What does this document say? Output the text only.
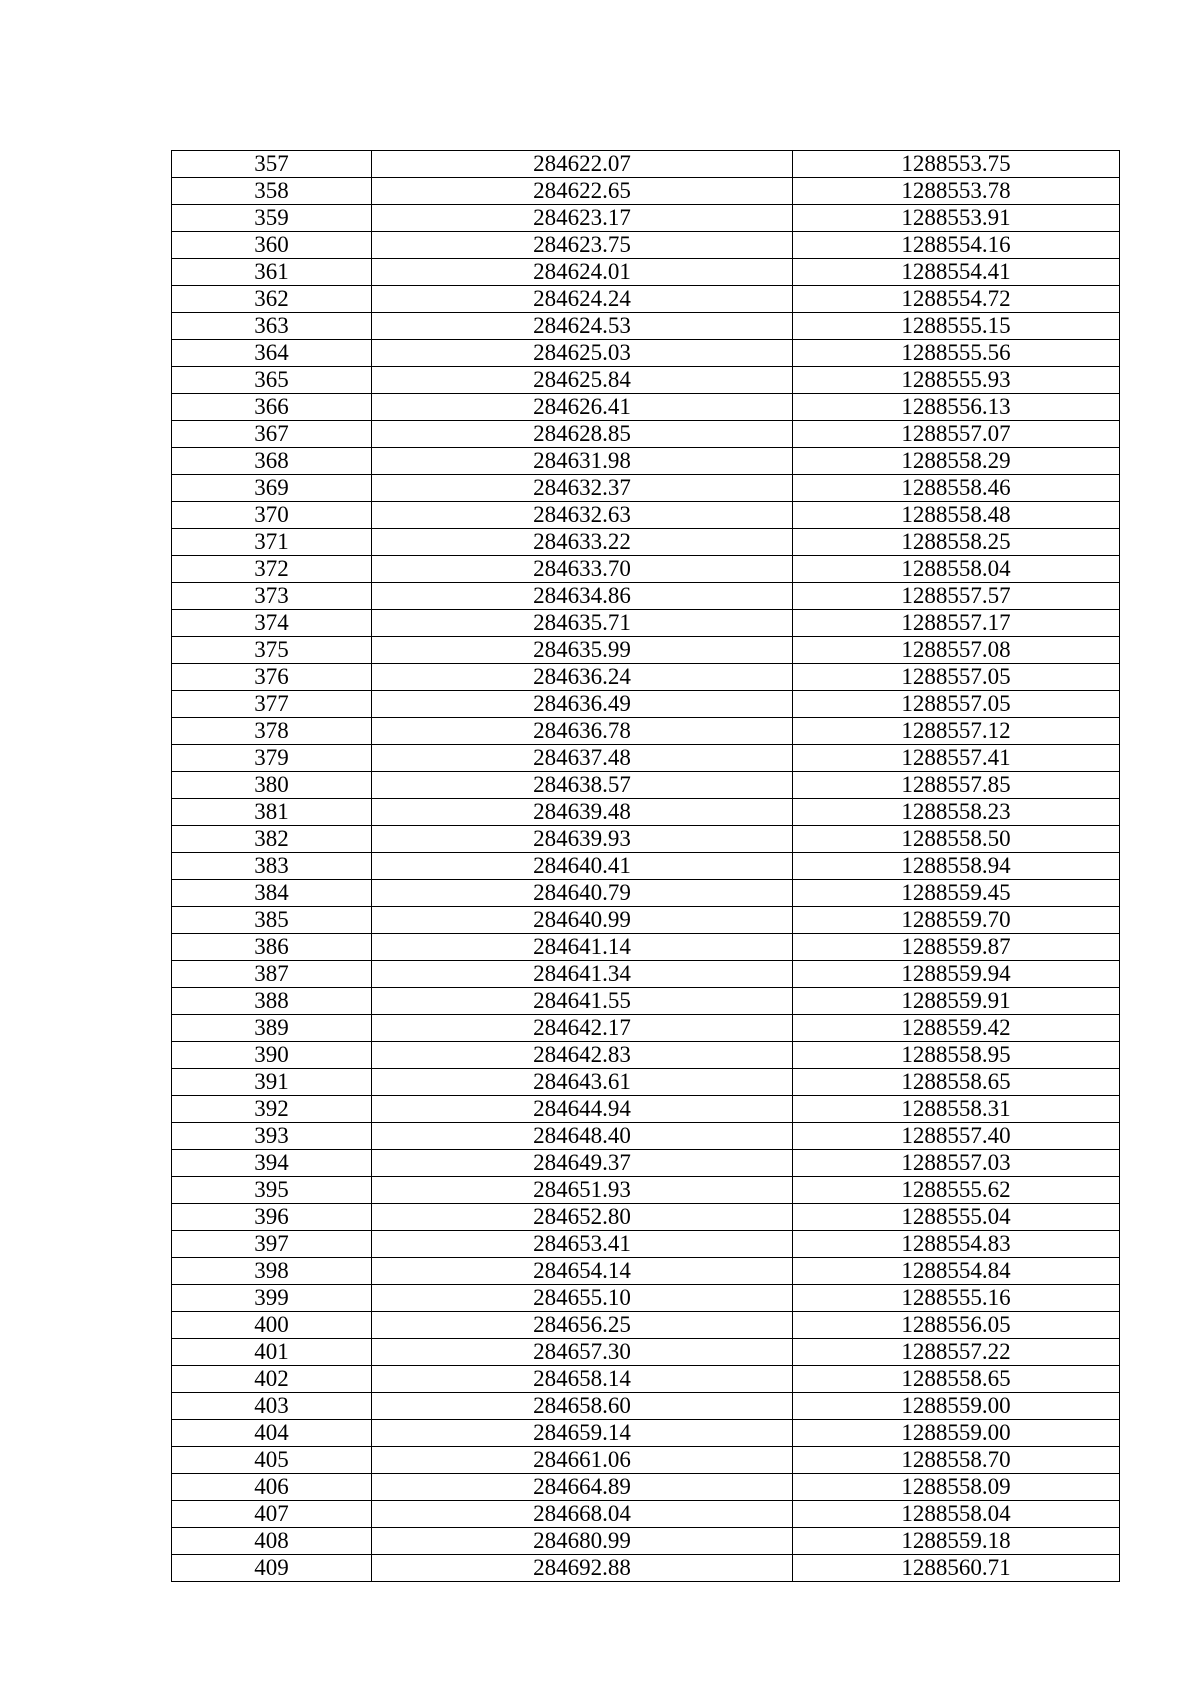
357	284622.07	1288553.75
358	284622.65	1288553.78
359	284623.17	1288553.91
360	284623.75	1288554.16
361	284624.01	1288554.41
362	284624.24	1288554.72
363	284624.53	1288555.15
364	284625.03	1288555.56
365	284625.84	1288555.93
366	284626.41	1288556.13
367	284628.85	1288557.07
368	284631.98	1288558.29
369	284632.37	1288558.46
370	284632.63	1288558.48
371	284633.22	1288558.25
372	284633.70	1288558.04
373	284634.86	1288557.57
374	284635.71	1288557.17
375	284635.99	1288557.08
376	284636.24	1288557.05
377	284636.49	1288557.05
378	284636.78	1288557.12
379	284637.48	1288557.41
380	284638.57	1288557.85
381	284639.48	1288558.23
382	284639.93	1288558.50
383	284640.41	1288558.94
384	284640.79	1288559.45
385	284640.99	1288559.70
386	284641.14	1288559.87
387	284641.34	1288559.94
388	284641.55	1288559.91
389	284642.17	1288559.42
390	284642.83	1288558.95
391	284643.61	1288558.65
392	284644.94	1288558.31
393	284648.40	1288557.40
394	284649.37	1288557.03
395	284651.93	1288555.62
396	284652.80	1288555.04
397	284653.41	1288554.83
398	284654.14	1288554.84
399	284655.10	1288555.16
400	284656.25	1288556.05
401	284657.30	1288557.22
402	284658.14	1288558.65
403	284658.60	1288559.00
404	284659.14	1288559.00
405	284661.06	1288558.70
406	284664.89	1288558.09
407	284668.04	1288558.04
408	284680.99	1288559.18
409	284692.88	1288560.71
